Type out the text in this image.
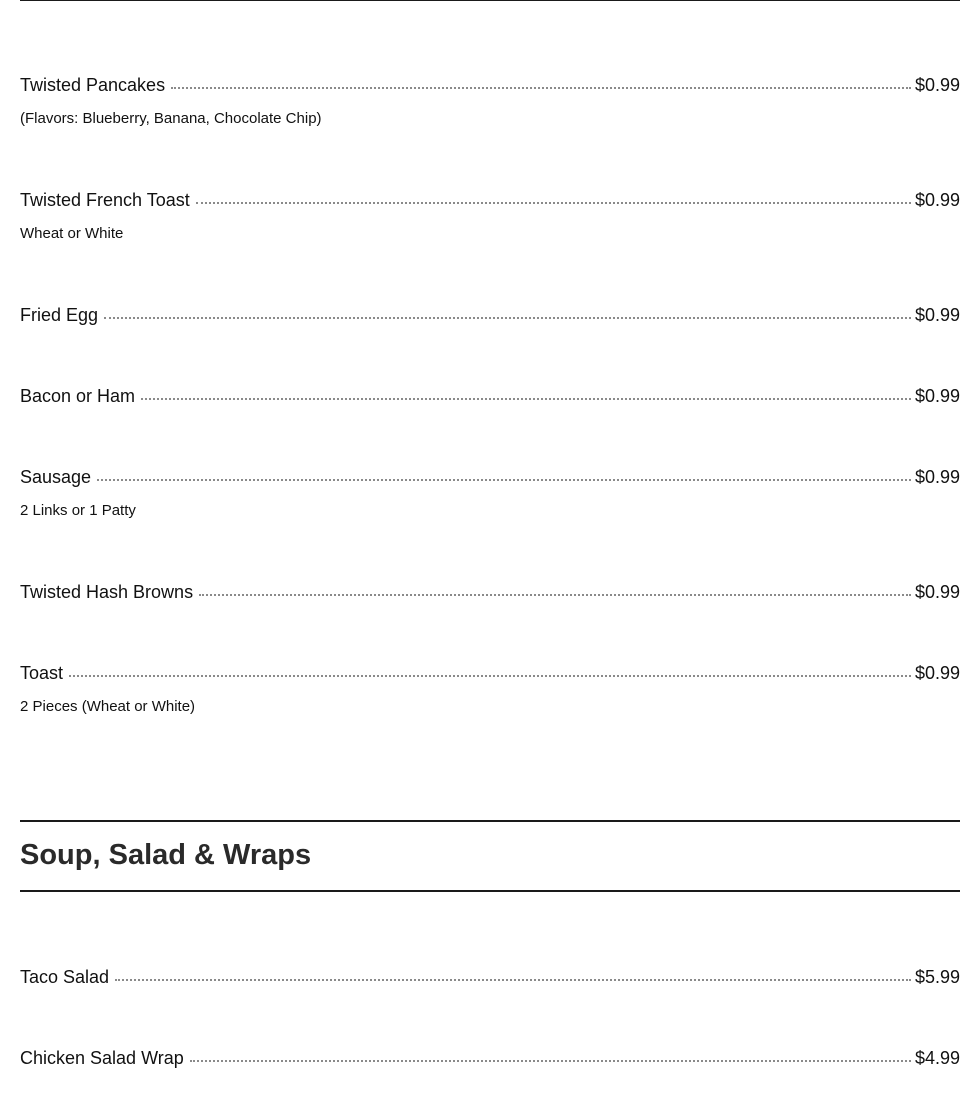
Twisted Pancakes	$0.99
(Flavors: Blueberry, Banana, Chocolate Chip)
Twisted French Toast	$0.99
Wheat or White
Fried Egg	$0.99
Bacon or Ham	$0.99
Sausage	$0.99
2 Links or 1 Patty
Twisted Hash Browns	$0.99
Toast	$0.99
2 Pieces (Wheat or White)
Soup, Salad & Wraps
Taco Salad	$5.99
Chicken Salad Wrap	$4.99
